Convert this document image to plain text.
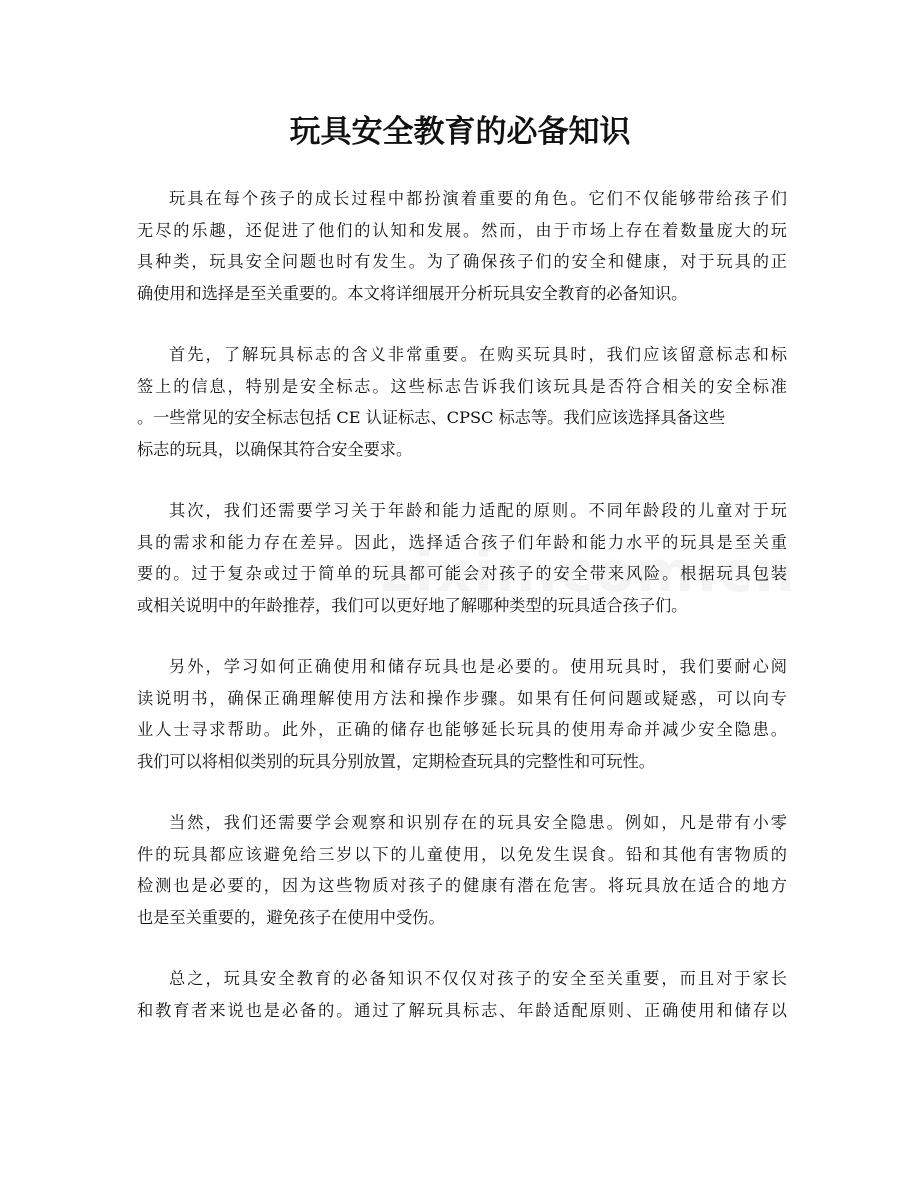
玩具安全教育的必备知识
玩具在每个孩子的成长过程中都扮演着重要的角色。它们不仅能够带给孩子们
无尽的乐趣，还促进了他们的认知和发展。然而，由于市场上存在着数量庞大的玩
具种类，玩具安全问题也时有发生。为了确保孩子们的安全和健康，对于玩具的正
确使用和选择是至关重要的。本文将详细展开分析玩具安全教育的必备知识。
首先，了解玩具标志的含义非常重要。在购买玩具时，我们应该留意标志和标
签上的信息，特别是安全标志。这些标志告诉我们该玩具是否符合相关的安全标准
。一些常见的安全标志包括 CE 认证标志、CPSC 标志等。我们应该选择具备这些
标志的玩具，以确保其符合安全要求。
其次，我们还需要学习关于年龄和能力适配的原则。不同年龄段的儿童对于玩
具的需求和能力存在差异。因此，选择适合孩子们年龄和能力水平的玩具是至关重
要的。过于复杂或过于简单的玩具都可能会对孩子的安全带来风险。根据玩具包装
或相关说明中的年龄推荐，我们可以更好地了解哪种类型的玩具适合孩子们。
另外，学习如何正确使用和储存玩具也是必要的。使用玩具时，我们要耐心阅
读说明书，确保正确理解使用方法和操作步骤。如果有任何问题或疑惑，可以向专
业人士寻求帮助。此外，正确的储存也能够延长玩具的使用寿命并减少安全隐患。
我们可以将相似类别的玩具分别放置，定期检查玩具的完整性和可玩性。
当然，我们还需要学会观察和识别存在的玩具安全隐患。例如，凡是带有小零
件的玩具都应该避免给三岁以下的儿童使用，以免发生误食。铅和其他有害物质的
检测也是必要的，因为这些物质对孩子的健康有潜在危害。将玩具放在适合的地方
也是至关重要的，避免孩子在使用中受伤。
总之，玩具安全教育的必备知识不仅仅对孩子的安全至关重要，而且对于家长
和教育者来说也是必备的。通过了解玩具标志、年龄适配原则、正确使用和储存以
